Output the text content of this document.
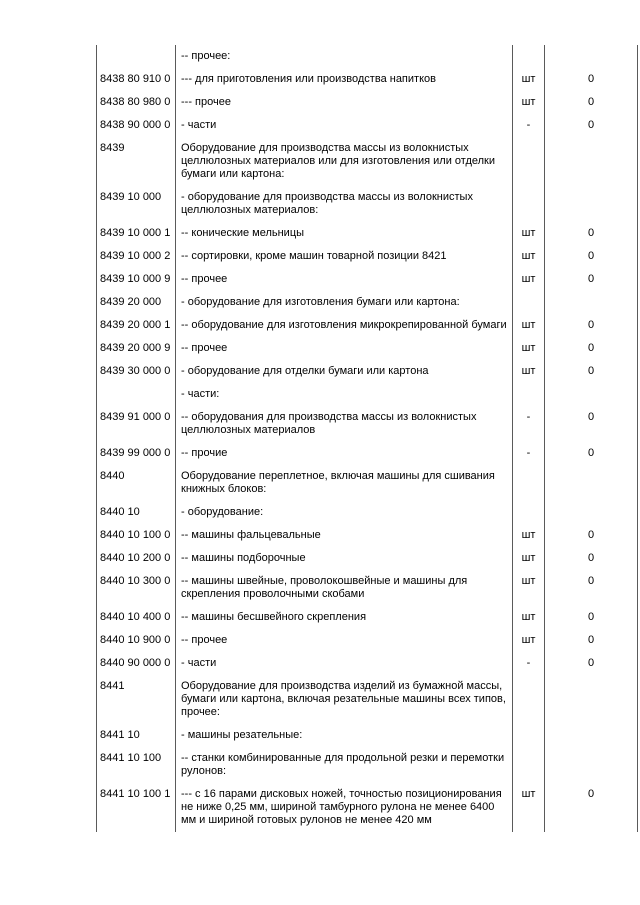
	-- прочее:		
8438 80 910 0	--- для приготовления или производства напитков	шт	0
8438 80 980 0	--- прочее	шт	0
8438 90 000 0	- части	-	0
8439	Оборудование для производства массы из волокнистых целлюлозных материалов или для изготовления или отделки бумаги или картона:		
8439 10 000	- оборудование для производства массы из волокнистых целлюлозных материалов:		
8439 10 000 1	-- конические мельницы	шт	0
8439 10 000 2	-- сортировки, кроме машин товарной позиции 8421	шт	0
8439 10 000 9	-- прочее	шт	0
8439 20 000	- оборудование для изготовления бумаги или картона:		
8439 20 000 1	-- оборудование для изготовления микрокрепированной бумаги	шт	0
8439 20 000 9	-- прочее	шт	0
8439 30 000 0	- оборудование для отделки бумаги или картона	шт	0
	- части:		
8439 91 000 0	-- оборудования для производства массы из волокнистых целлюлозных материалов	-	0
8439 99 000 0	-- прочие	-	0
8440	Оборудование переплетное, включая машины для сшивания книжных блоков:		
8440 10	- оборудование:		
8440 10 100 0	-- машины фальцевальные	шт	0
8440 10 200 0	-- машины подборочные	шт	0
8440 10 300 0	-- машины швейные, проволокошвейные и машины для скрепления проволочными скобами	шт	0
8440 10 400 0	-- машины бесшвейного скрепления	шт	0
8440 10 900 0	-- прочее	шт	0
8440 90 000 0	- части	-	0
8441	Оборудование для производства изделий из бумажной массы, бумаги или картона, включая резательные машины всех типов, прочее:		
8441 10	- машины резательные:		
8441 10 100	-- станки комбинированные для продольной резки и перемотки рулонов:		
8441 10 100 1	--- с 16 парами дисковых ножей, точностью позиционирования не ниже 0,25 мм, шириной тамбурного рулона не менее 6400 мм и шириной готовых рулонов не менее 420 мм	шт	0
